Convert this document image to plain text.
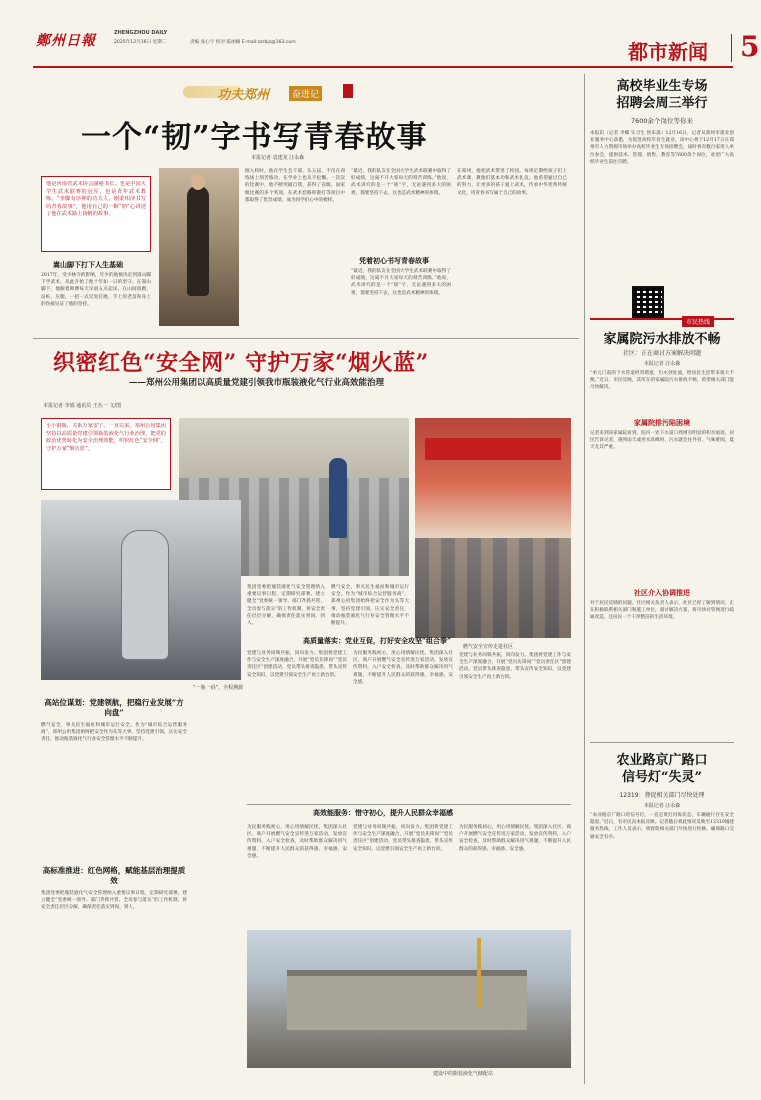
鄭州日報	ZHENGZHOU DAILY
2025年12月16日 星期二	责编 张心宇 校对 陈丽楠 E-mail:zzrbjz@163.com	都市新闻 5
功夫郑州	奋进记
一个“韧”字书写青春故事
本报记者 袁建龙 汪永森
他是河南省武术协会副秘书长，也是中国大学生武术联赛的冠军，也是青年武术教练。“拳脚有序伸的功夫人，刚柔相济书写的青春故事”，他用自己的一颗“韧”心讲述了他在武术路上扬帆的故事。
嵩山脚下打下人生基础
2017年，受少林寺的影响，年少的他便决定到嵩山脚下学武术，从此开始了他十年如一日的坚守。在嵩山脚下，他跟着师傅每天早晨五点起床，在山间晨跑、站桩、压腿，一招一式反复打磨，手上的老茧和身上的伤痕见证了他的坚持。
刚入校时，他在学生会干部，头五届，不仅在训练场上刻苦练功，在学业上也从不松懈。一次次的比赛中，他不断突破自我，获得了省级、国家级比赛的多个奖项，在武术套路和散打等项目中都取得了优异成绩，成为同学们心中的榜样。
“最近，我的队友在全国大学生武术联赛中取得了好成绩，这离不开大家每天的刻苦训练。”他说，武术讲究的是一个“韧”字，无论遇到多大的困难，都要坚持下去，这也是武术精神的体现。
凭着初心书写青春故事
“最近，我的队友在全国大学生武术联赛中取得了好成绩，这离不开大家每天的刻苦训练。”他说，武术讲究的是一个“韧”字，无论遇到多大的困难，都要坚持下去，这也是武术精神的体现。
在郑州，他把武术带进了校园，每周定期给孩子们上武术课，教他们基本功和武术礼仪。他希望通过自己的努力，让更多的孩子爱上武术，传承中华优秀传统文化，用青春书写属于自己的故事。
织密红色“安全网” 守护万家“烟火蓝”
——郑州公用集团以高质量党建引领我市瓶装液化气行业高效能治理
本报记者 李娟 通讯员 王丛一 文/图
小小钢瓶，关系万家安宁。一直以来，郑州公用集团坚持以高质量党建引领瓶装液化气行业治理，把党的政治优势转化为安全治理效能，织密红色“安全网”，守护万家“烟火蓝”。
燃气安全宣传走进社区
“一瓶一码”，全程溯源
集团党委把瓶装液化气安全管理纳入重要议事日程，定期研究部署，建立健全“党委统一领导、部门齐抓共管、全员参与落实”的工作机制，将安全责任层层分解，确保责任落实到岗、到人。
燃气安全，事关民生福祉和城市运行安全。作为“城市综合运营服务商”，郑州公用集团始终把安全作为头等大事，坚持党建引领，压实安全责任，推动瓶装液化气行业安全管理水平不断提升。
高站位谋划：党建领航，把稳行业发展“方向盘”
燃气安全，事关民生福祉和城市运行安全。作为“城市综合运营服务商”，郑州公用集团始终把安全作为头等大事，坚持党建引领，压实安全责任，推动瓶装液化气行业安全管理水平不断提升。
高标准推进：红色网格，赋能基层治理提质效
集团党委把瓶装液化气安全管理纳入重要议事日程，定期研究部署，建立健全“党委统一领导、部门齐抓共管、全员参与落实”的工作机制，将安全责任层层分解，确保责任落实到岗、到人。
高质量落实：党业互促，打好安全攻坚“组合拳”
党建与业务同频共振，同向发力。集团将党建工作与安全生产深度融合，开展“党员先锋岗”“党员责任区”创建活动，党员带头排查隐患、带头宣传安全知识，以党建引领安全生产再上新台阶。
为民服务践初心，用心用情解民忧。集团深入社区、商户开展燃气安全宣传进万家活动，发放宣传资料，入户安全检查，及时帮助群众解决用气难题，不断提升人民群众的获得感、幸福感、安全感。
党建与业务同频共振，同向发力。集团将党建工作与安全生产深度融合，开展“党员先锋岗”“党员责任区”创建活动，党员带头排查隐患、带头宣传安全知识，以党建引领安全生产再上新台阶。
高效能服务：惜守初心，提升人民群众幸福感
为民服务践初心，用心用情解民忧。集团深入社区、商户开展燃气安全宣传进万家活动，发放宣传资料，入户安全检查，及时帮助群众解决用气难题，不断提升人民群众的获得感、幸福感、安全感。
党建与业务同频共振，同向发力。集团将党建工作与安全生产深度融合，开展“党员先锋岗”“党员责任区”创建活动，党员带头排查隐患、带头宣传安全知识，以党建引领安全生产再上新台阶。
为民服务践初心，用心用情解民忧。集团深入社区、商户开展燃气安全宣传进万家活动，发放宣传资料，入户安全检查，及时帮助群众解决用气难题，不断提升人民群众的获得感、幸福感、安全感。
建设中的瓶装液化气储配站
高校毕业生专场
招聘会周三举行
7600余个岗位等你来
本报讯（记者 李娜 实习生 侯乐淼）12月16日，记者从郑州市就业创业服务中心获悉，为促进高校毕业生就业，该中心将于12月17日在郑州市人力资源市场举办高校毕业生专场招聘会，届时将有数百家用人单位参会，提供技术、管理、销售、教育等7600余个岗位，欢迎广大高校毕业生前往应聘。
市民热线
家属院污水排放不畅
社区：正在商讨方案解决问题
本报记者 汪永森
“单元门前的下水管道经常堵塞，污水到处流，给居民生活带来很大不便。”近日，市民反映，其所在的家属院污水排放不畅，希望相关部门能尽快解决。
家属院排污陷困境
记者来到该家属院看到，院内一处下水道口周围有明显的积水痕迹。居民告诉记者，遇到雨天或用水高峰时，污水就会往外冒，气味难闻，夏天尤其严重。
社区介入协调推进
对于居民反映的问题，社区相关负责人表示，社区已经了解到情况，正在积极联系相关部门和施工单位，商讨解决方案，将尽快对管网进行疏通改造，还居民一个干净整洁的生活环境。
农业路京广路口
信号灯“失灵”
12319：督促相关部门尽快处理
本报记者 汪永森
“农业路京广路口的信号灯，一直是黄灯闪烁状态，车辆通行存在安全隐患。”近日，有市民向本报反映。记者随后将此情况反映至12319城建服务热线，工作人员表示，将督促相关部门尽快进行检修，确保路口交通安全有序。
